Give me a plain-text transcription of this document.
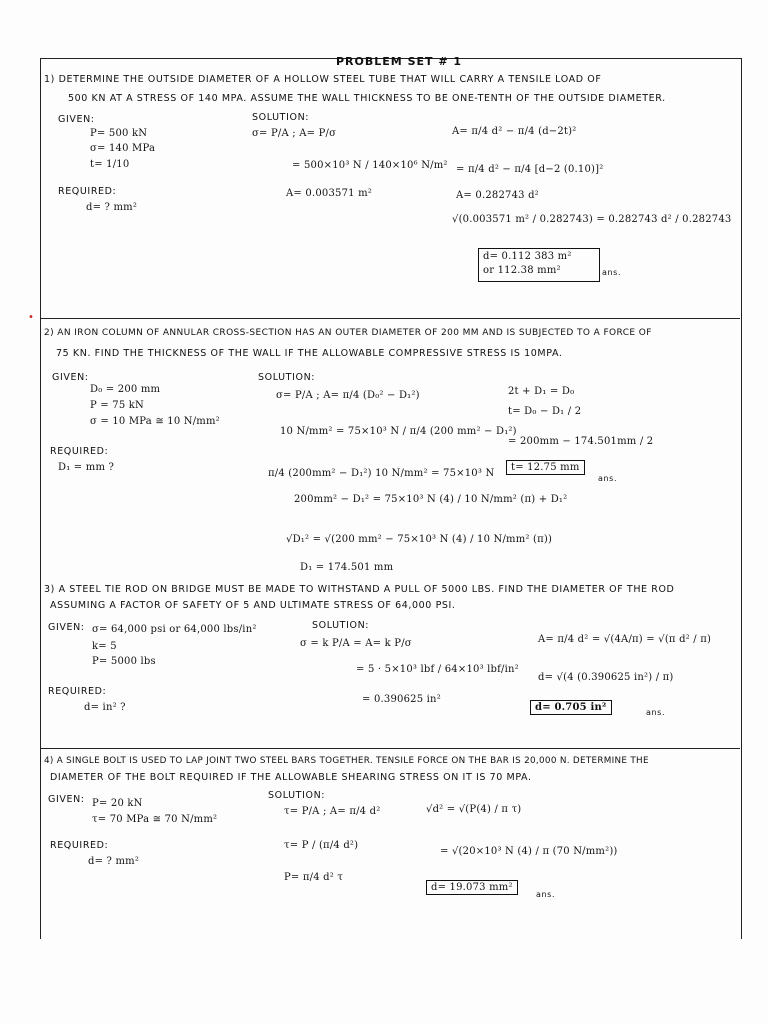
•
PROBLEM SET # 1
1) DETERMINE THE OUTSIDE DIAMETER OF A HOLLOW STEEL TUBE THAT WILL CARRY A TENSILE LOAD OF
500 KN AT A STRESS OF 140 MPA. ASSUME THE WALL THICKNESS TO BE ONE-TENTH OF THE OUTSIDE DIAMETER.
GIVEN:
P= 500 kN
σ= 140 MPa
t= 1/10
REQUIRED:
d= ? mm²
SOLUTION:
σ= P/A ; A= P/σ
= 500×10³ N / 140×10⁶ N/m²
A= 0.003571 m²
A= π/4 d² − π/4 (d−2t)²
= π/4 d² − π/4 [d−2 (0.10)]²
A= 0.282743 d²
√(0.003571 m² / 0.282743) = 0.282743 d² / 0.282743
d= 0.112 383 m²
or 112.38 mm²	ans.
2) AN IRON COLUMN OF ANNULAR CROSS-SECTION HAS AN OUTER DIAMETER OF 200 MM AND IS SUBJECTED TO A FORCE OF
75 KN. FIND THE THICKNESS OF THE WALL IF THE ALLOWABLE COMPRESSIVE STRESS IS 10MPA.
GIVEN:
D₀ = 200 mm
P = 75 kN
σ = 10 MPa ≅ 10 N/mm²
REQUIRED:
D₁ = mm ?
SOLUTION:
σ= P/A ; A= π/4 (D₀² − D₁²)
10 N/mm² = 75×10³ N / π/4 (200 mm² − D₁²)
π/4 (200mm² − D₁²) 10 N/mm² = 75×10³ N
200mm² − D₁² = 75×10³ N (4) / 10 N/mm² (π) + D₁²
√D₁² = √(200 mm² − 75×10³ N (4) / 10 N/mm² (π))
D₁ = 174.501 mm
2t + D₁ = D₀
t= D₀ − D₁ / 2
= 200mm − 174.501mm / 2
t= 12.75 mm
ans.
3) A STEEL TIE ROD ON BRIDGE MUST BE MADE TO WITHSTAND A PULL OF 5000 LBS. FIND THE DIAMETER OF THE ROD
ASSUMING A FACTOR OF SAFETY OF 5 AND ULTIMATE STRESS OF 64,000 PSI.
GIVEN: σ= 64,000 psi or 64,000 lbs/in²
k= 5
P= 5000 lbs
REQUIRED:
d= in² ?
SOLUTION:
σ = k P/A = A= k P/σ
= 5 · 5×10³ lbf / 64×10³ lbf/in²
= 0.390625 in²
A= π/4 d² = √(4A/π) = √(π d² / π)
d= √(4 (0.390625 in²) / π)
d= 0.705 in²	ans.
4) A SINGLE BOLT IS USED TO LAP JOINT TWO STEEL BARS TOGETHER. TENSILE FORCE ON THE BAR IS 20,000 N. DETERMINE THE
DIAMETER OF THE BOLT REQUIRED IF THE ALLOWABLE SHEARING STRESS ON IT IS 70 MPA.
GIVEN: P= 20 kN
τ= 70 MPa ≅ 70 N/mm²
REQUIRED:
d= ? mm²
SOLUTION:
τ= P/A ; A= π/4 d²
τ= P / (π/4 d²)
P= π/4 d² τ
√d² = √(P(4) / π τ)
= √(20×10³ N (4) / π (70 N/mm²))
d= 19.073 mm²
ans.
